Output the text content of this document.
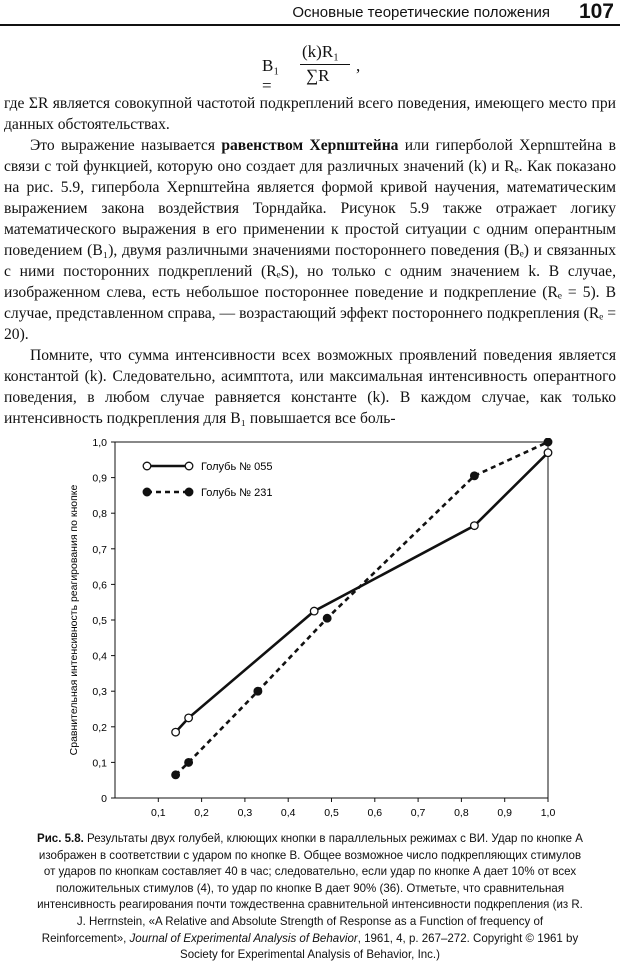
Основные теоретические положения 107
B₁ =
(k)R₁
∑R
,

где ΣR является совокупной частотой подкреплений всего поведения, имеющего место при данных обстоятельствах.

Это выражение называется равенством Херnштейна или гиперболой Херnштейна в связи с той функцией, которую оно создает для различных значений (k) и Rₑ. Как показано на рис. 5.9, гипербола Херnштейна является формой кривой научения, математическим выражением закона воздействия Торндайка. Рисунок 5.9 также отражает логику математического выражения в его применении к простой ситуации с одним оперантным поведением (B₁), двумя различными значениями постороннего поведения (Bₑ) и связанных с ними посторонних подкреплений (RₑS), но только с одним значением k. В случае, изображенном слева, есть небольшое постороннее поведение и подкрепление (Rₑ = 5). В случае, представленном справа, — возрастающий эффект постороннего подкрепления (Rₑ = 20).

Помните, что сумма интенсивности всех возможных проявлений поведения является константой (k). Следовательно, асимптота, или максимальная интенсивность оперантного поведения, в любом случае равняется константе (k). В каждом случае, как только интенсивность подкрепления для B₁ повышается все боль-

Сравнительная интенсивность реагирования по кнопке
Голубь № 055
Голубь № 231
0
0,1
0,2
0,3
0,4
0,5
0,6
0,7
0,8
0,9
1,0
0,1	0,2	0,3	0,4	0,5	0,6	0,7	0,8	0,9	1,0
Рис. 5.8. Результаты двух голубей, клюющих кнопки в параллельных режимах с ВИ. Удар по кнопке А изображен в соответствии с ударом по кнопке В. Общее возможное число подкрепляющих стимулов от ударов по кнопкам составляет 40 в час; следовательно, если удар по кнопке А дает 10% от всех положительных стимулов (4), то удар по кнопке В дает 90% (36). Отметьте, что сравнительная интенсивность реагирования почти тождественна сравнительной интенсивности подкрепления (из R. J. Herrnstein, «A Relative and Absolute Strength of Response as a Function of frequency of Reinforcement», Journal of Experimental Analysis of Behavior, 1961, 4, p. 267–272. Copyright © 1961 by Society for Experimental Analysis of Behavior, Inc.)
